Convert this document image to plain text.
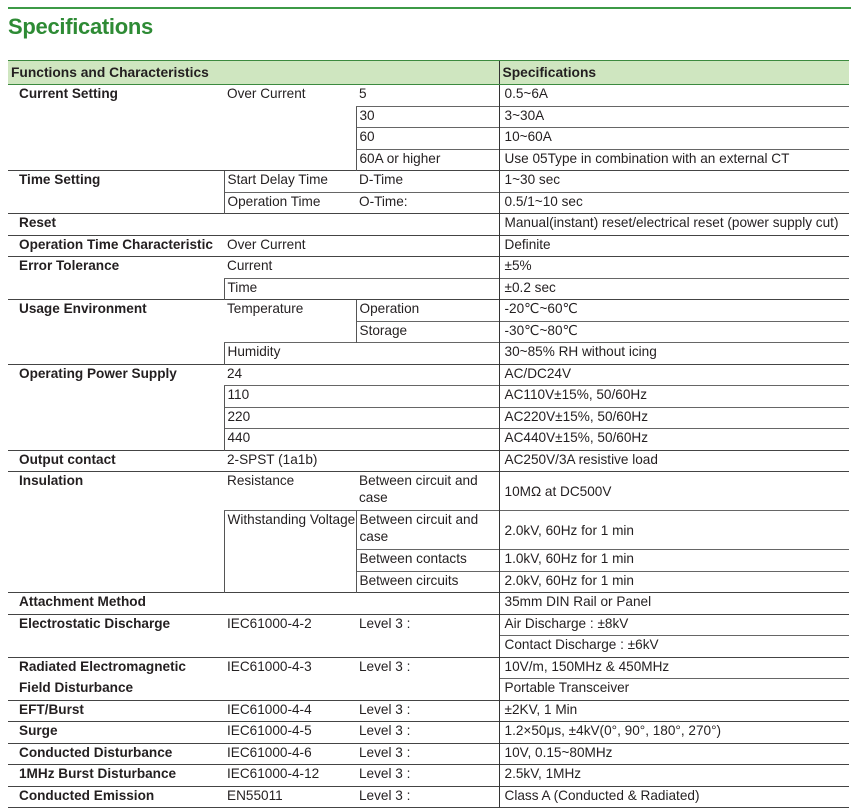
Specifications
Functions and Characteristics			Specifications
Current Setting	Over Current	5	0.5~6A
		30	3~30A
		60	10~60A
		60A or higher	Use 05Type in combination with an external CT
Time Setting	Start Delay Time	D-Time	1~30 sec
	Operation Time	O-Time:	0.5/1~10 sec
Reset			Manual(instant) reset/electrical reset (power supply cut)
Operation Time Characteristic	Over Current		Definite
Error Tolerance	Current		±5%
	Time		±0.2 sec
Usage Environment	Temperature	Operation	-20℃~60℃
		Storage	-30℃~80℃
	Humidity		30~85% RH without icing
Operating Power Supply	24		AC/DC24V
	110		AC110V±15%, 50/60Hz
	220		AC220V±15%, 50/60Hz
	440		AC440V±15%, 50/60Hz
Output contact	2-SPST (1a1b)		AC250V/3A resistive load
Insulation	Resistance	Between circuit and case	10MΩ at DC500V
	Withstanding Voltage	Between circuit and case	2.0kV, 60Hz for 1 min
		Between contacts	1.0kV, 60Hz for 1 min
		Between circuits	2.0kV, 60Hz for 1 min
Attachment Method			35mm DIN Rail or Panel
Electrostatic Discharge	IEC61000-4-2	Level 3 :	Air Discharge : ±8kV
			Contact Discharge : ±6kV
Radiated Electromagnetic	IEC61000-4-3	Level 3 :	10V/m, 150MHz & 450MHz
Field Disturbance			Portable Transceiver
EFT/Burst	IEC61000-4-4	Level 3 :	±2KV, 1 Min
Surge	IEC61000-4-5	Level 3 :	1.2×50μs, ±4kV(0°, 90°, 180°, 270°)
Conducted Disturbance	IEC61000-4-6	Level 3 :	10V, 0.15~80MHz
1MHz Burst Disturbance	IEC61000-4-12	Level 3 :	2.5kV, 1MHz
Conducted Emission	EN55011	Level 3 :	Class A (Conducted & Radiated)
